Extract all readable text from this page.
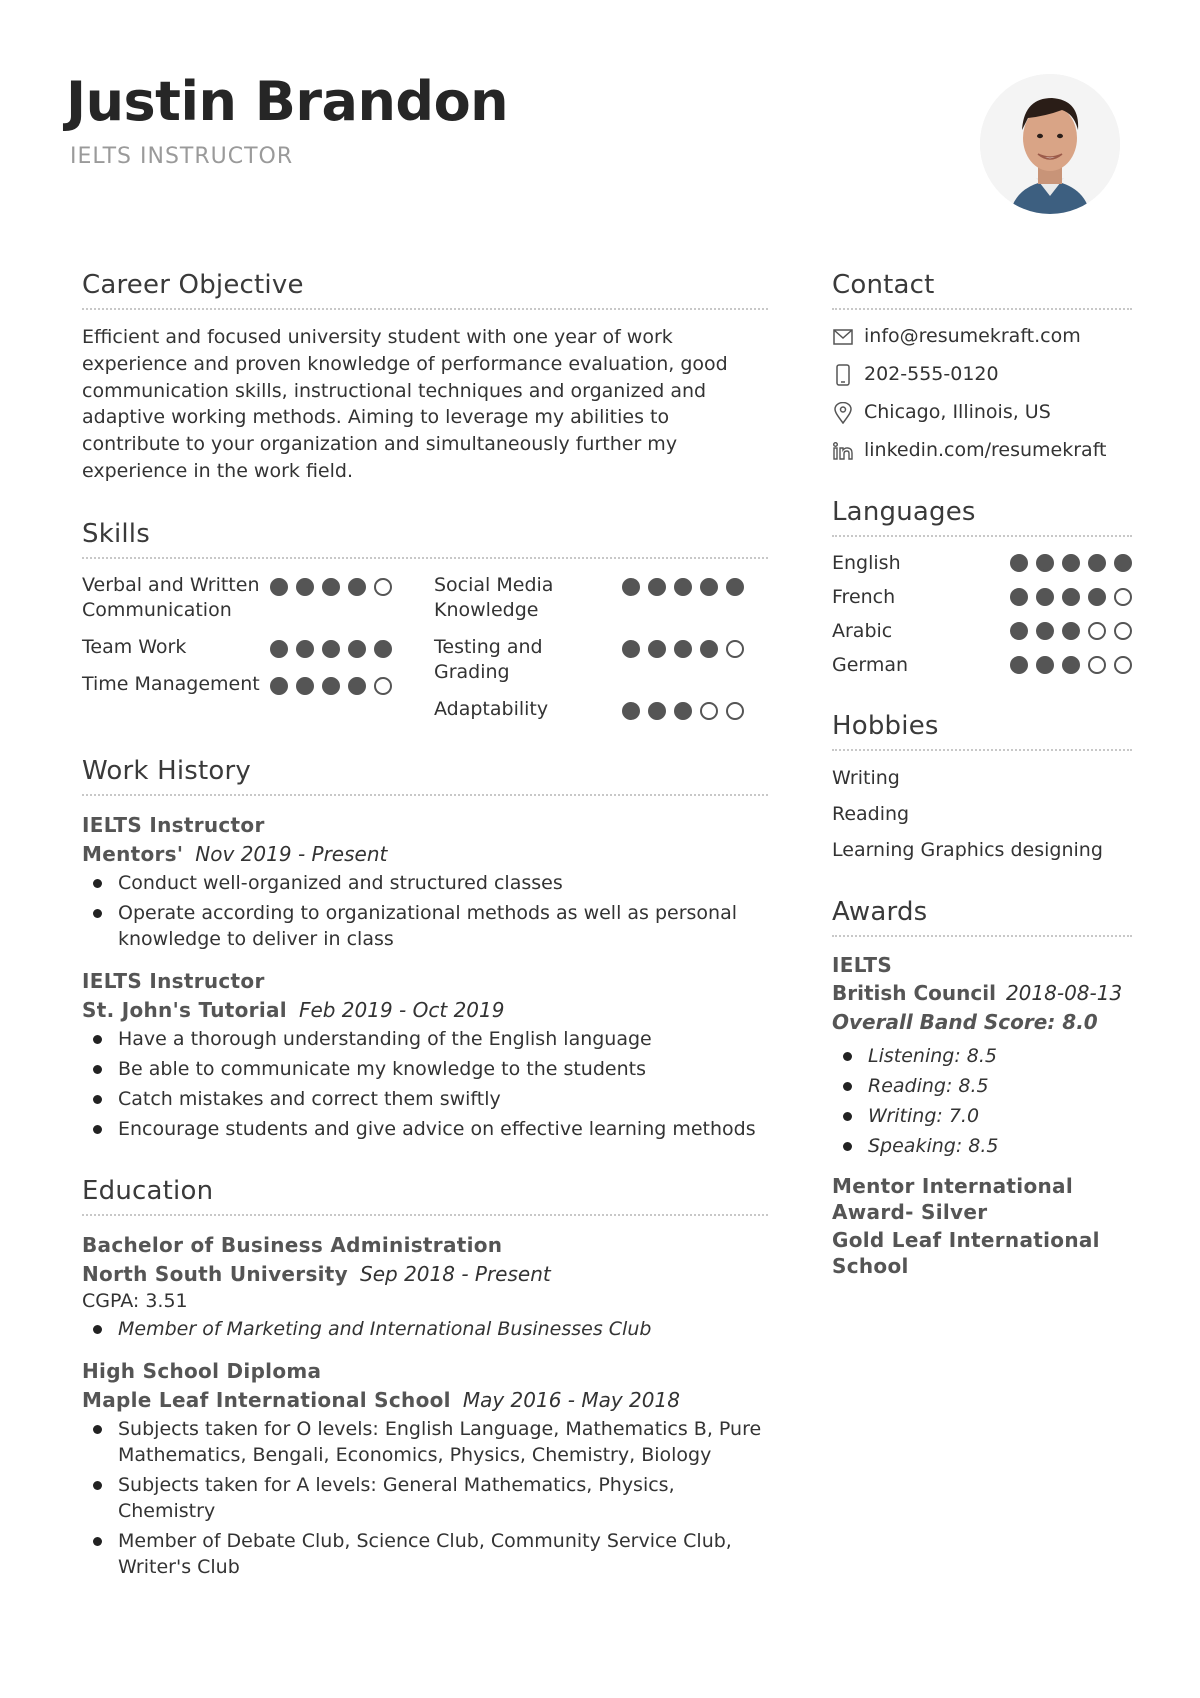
Justin Brandon
IELTS INSTRUCTOR
Career Objective
Efficient and focused university student with one year of work experience and proven knowledge of performance evaluation, good communication skills, instructional techniques and organized and adaptive working methods. Aiming to leverage my abilities to contribute to your organization and simultaneously further my experience in the work field.
Skills
Verbal and Written Communication
Team Work
Time Management
Social Media Knowledge
Testing and Grading
Adaptability
Work History
IELTS Instructor
Mentors' Nov 2019 - Present
Conduct well-organized and structured classes
Operate according to organizational methods as well as personal knowledge to deliver in class
IELTS Instructor
St. John's Tutorial Feb 2019 - Oct 2019
Have a thorough understanding of the English language
Be able to communicate my knowledge to the students
Catch mistakes and correct them swiftly
Encourage students and give advice on effective learning methods
Education
Bachelor of Business Administration
North South University Sep 2018 - Present
CGPA: 3.51
Member of Marketing and International Businesses Club
High School Diploma
Maple Leaf International School May 2016 - May 2018
Subjects taken for O levels: English Language, Mathematics B, Pure Mathematics, Bengali, Economics, Physics, Chemistry, Biology
Subjects taken for A levels: General Mathematics, Physics, Chemistry
Member of Debate Club, Science Club, Community Service Club, Writer's Club
Contact
info@resumekraft.com
202-555-0120
Chicago, Illinois, US
linkedin.com/resumekraft
Languages
English
French
Arabic
German
Hobbies
Writing
Reading
Learning Graphics designing
Awards
IELTS
British Council 2018-08-13
Overall Band Score: 8.0
Listening: 8.5
Reading: 8.5
Writing: 7.0
Speaking: 8.5
Mentor International Award- Silver
Gold Leaf International School
